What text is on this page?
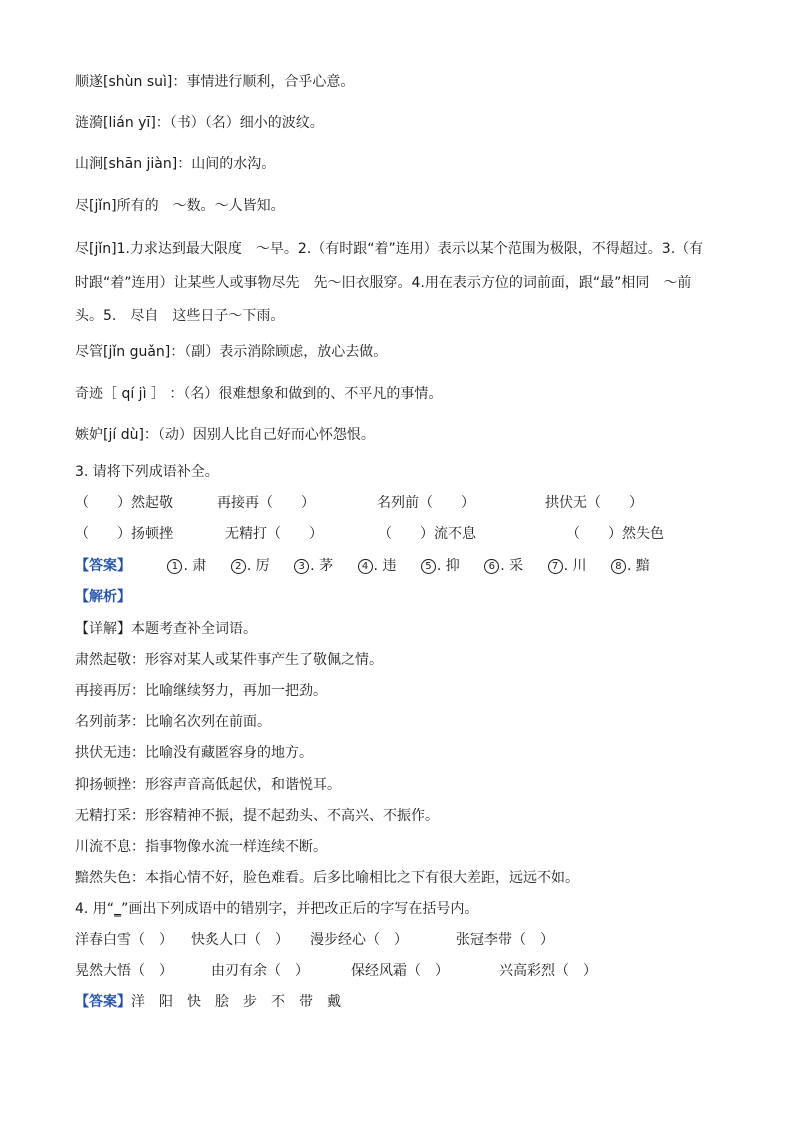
顺遂[shùn suì]：事情进行顺利，合乎心意。
涟漪[lián yī]：（书）（名）细小的波纹。
山涧[shān jiàn]：山间的水沟。
尽[jǐn]所有的　～数。～人皆知。
尽[jǐn]1.力求达到最大限度　～早。2.（有时跟“着”连用）表示以某个范围为极限，不得超过。3.（有
时跟“着”连用）让某些人或事物尽先　先～旧衣服穿。4.用在表示方位的词前面，跟“最”相同　～前
头。5.　尽自　这些日子～下雨。
尽管[jǐn guǎn]：（副）表示消除顾虑，放心去做。
奇迹［ qí jì ］ ：（名）很难想象和做到的、不平凡的事情。
嫉妒[jí dù]：（动）因别人比自己好而心怀怨恨。
3. 请将下列成语补全。
（　　）然起敬	再接再（　　）	名列前（　　）	拱伏无（　　）
（　　）扬顿挫	无精打（　　）	（　　）流不息	（　　）然失色
【答案】	1 . 肃	2 . 厉	3 . 茅	4 . 违	5 . 抑	6 . 采	7 . 川	8 . 黯
【解析】
【详解】本题考查补全词语。
肃然起敬：形容对某人或某件事产生了敬佩之情。
再接再厉：比喻继续努力，再加一把劲。
名列前茅：比喻名次列在前面。
拱伏无违：比喻没有藏匿容身的地方。
抑扬顿挫：形容声音高低起伏，和谐悦耳。
无精打采：形容精神不振，提不起劲头、不高兴、不振作。
川流不息：指事物像水流一样连续不断。
黯然失色：本指心情不好，脸色难看。后多比喻相比之下有很大差距，远远不如。
4. 用“_”画出下列成语中的错别字，并把改正后的字写在括号内。
洋春白雪（　） 快炙人口（　） 漫步经心（　）	张冠李带（　）
晃然大悟（　）	由刃有余（　）	保经风霜（　）	兴高彩烈（　）
【答案】洋　阳　快　脍　步　不　带　戴
